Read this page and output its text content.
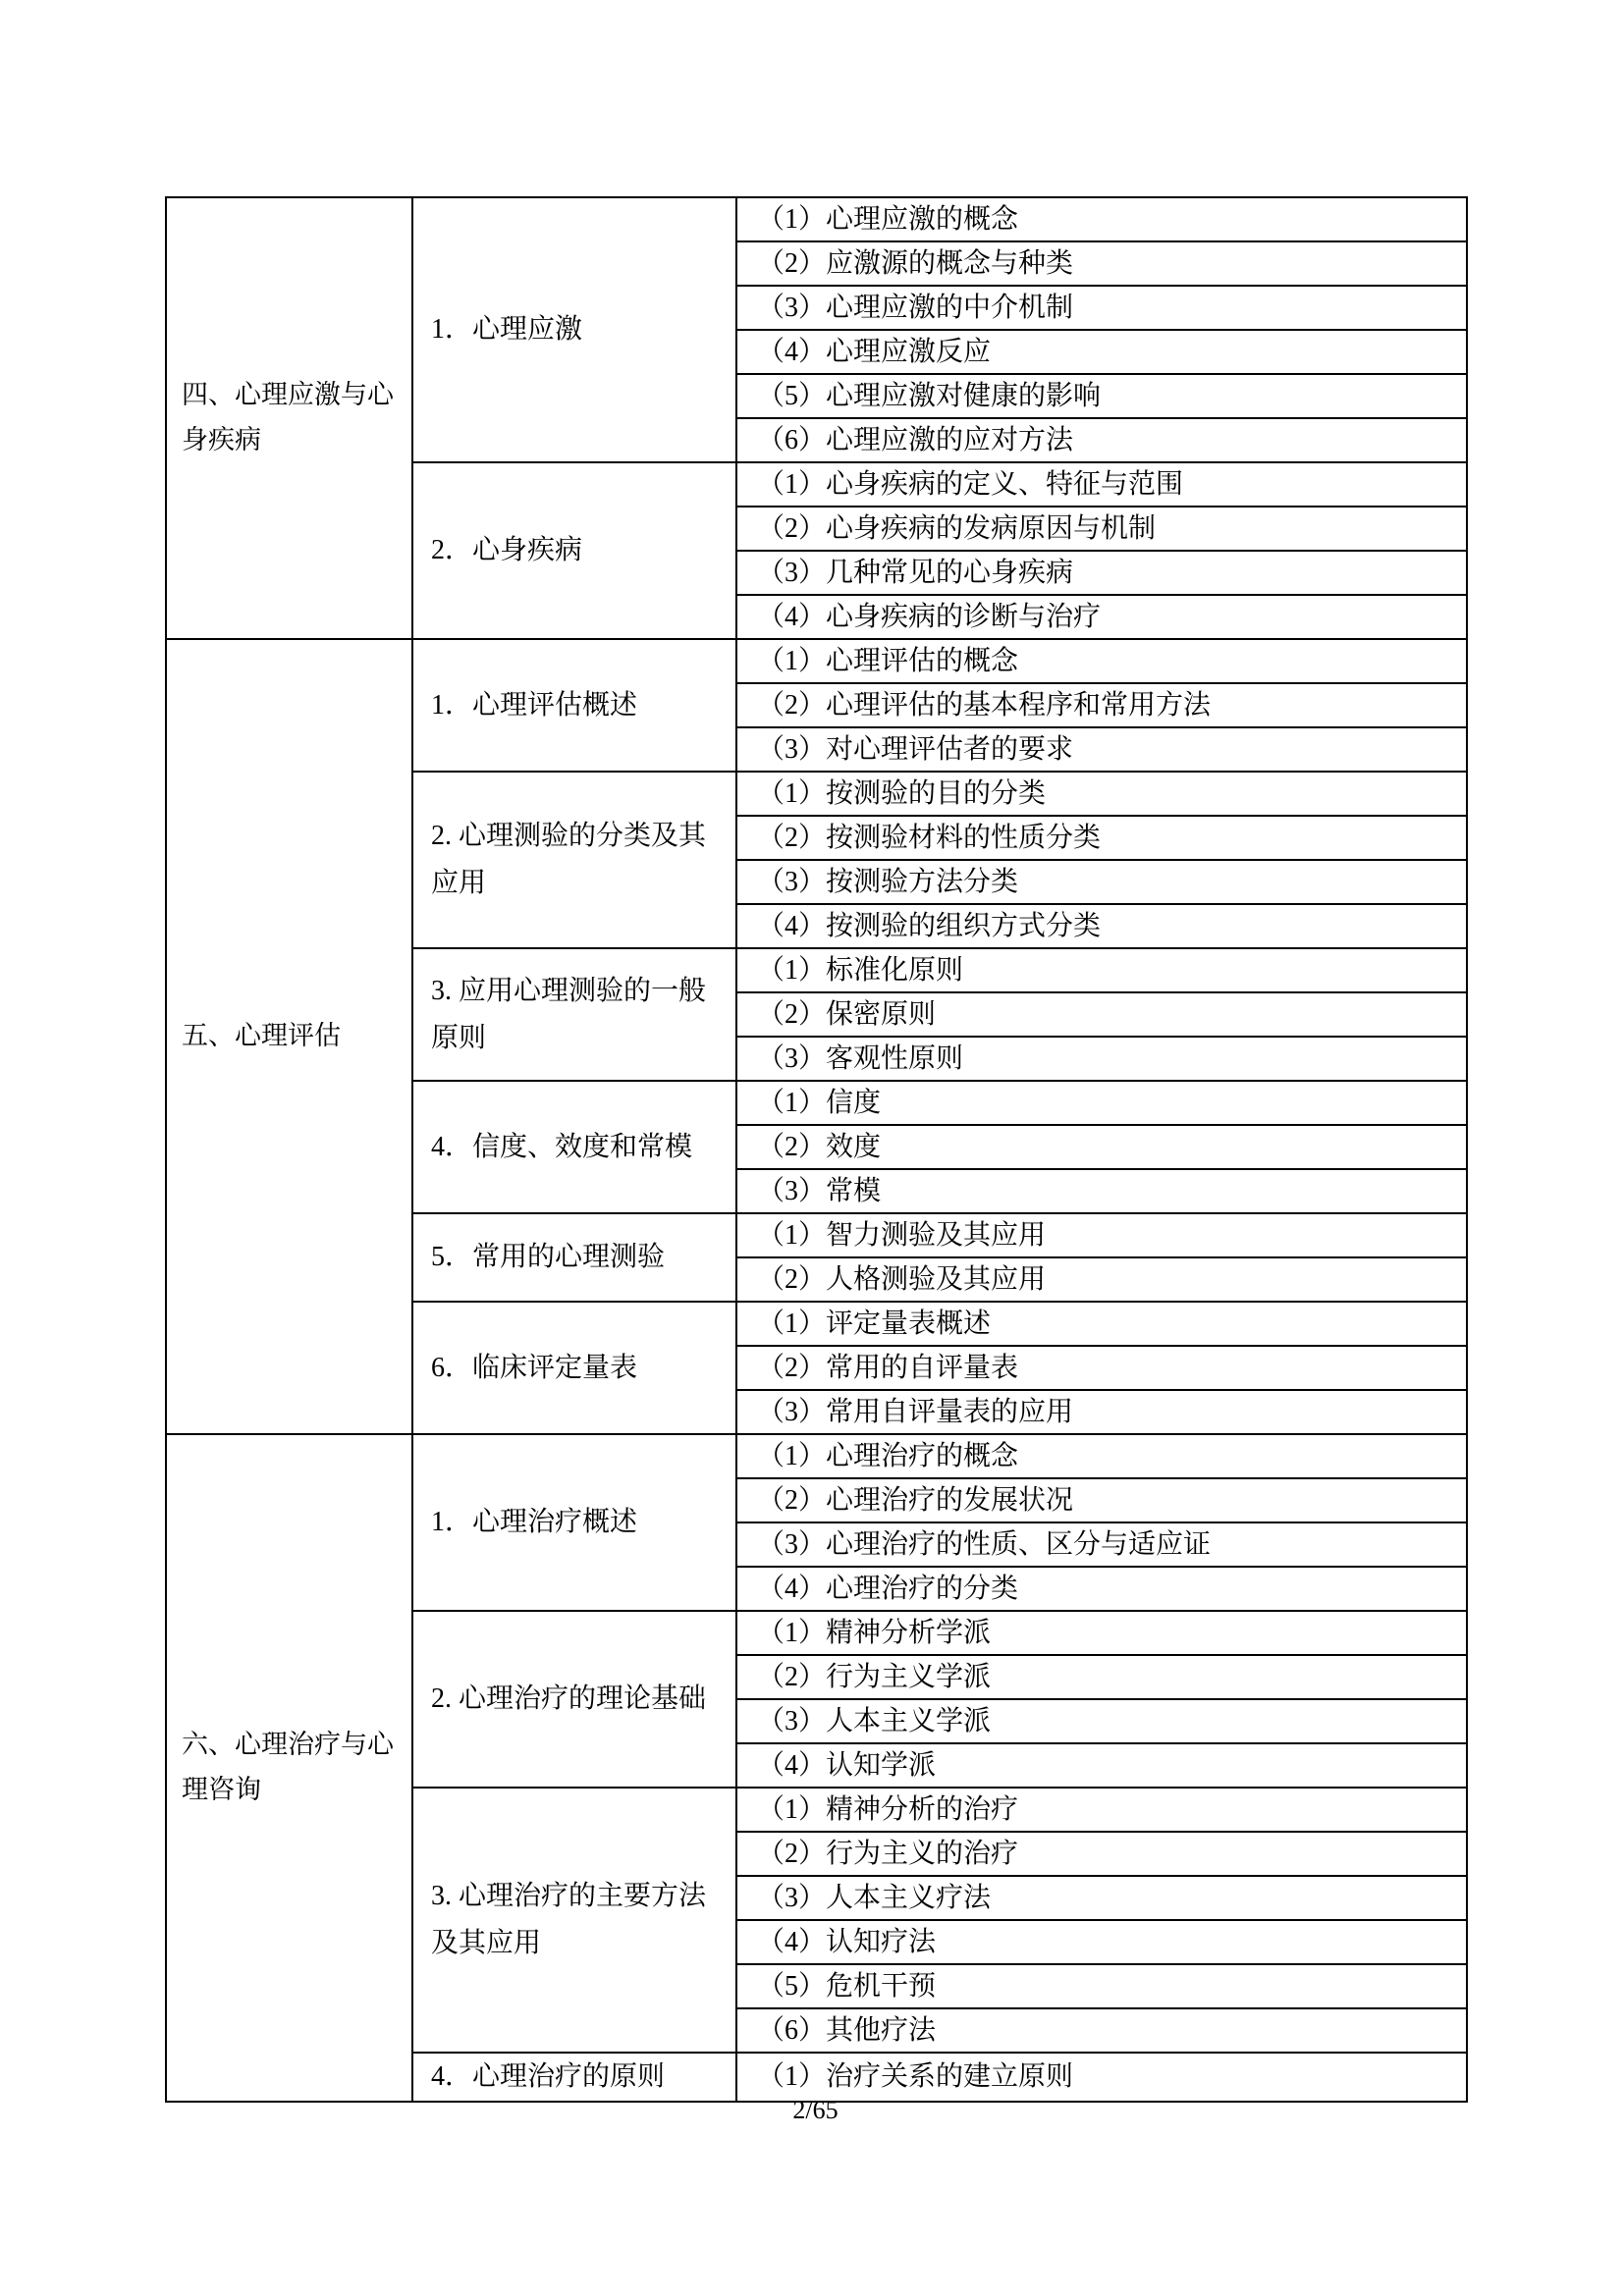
四、心理应激与心身疾病	1．心理应激	（1）心理应激的概念
		（2）应激源的概念与种类
		（3）心理应激的中介机制
		（4）心理应激反应
		（5）心理应激对健康的影响
		（6）心理应激的应对方法
	2．心身疾病	（1）心身疾病的定义、特征与范围
		（2）心身疾病的发病原因与机制
		（3）几种常见的心身疾病
		（4）心身疾病的诊断与治疗
五、心理评估	1．心理评估概述	（1）心理评估的概念
		（2）心理评估的基本程序和常用方法
		（3）对心理评估者的要求
	2. 心理测验的分类及其应用	（1）按测验的目的分类
		（2）按测验材料的性质分类
		（3）按测验方法分类
		（4）按测验的组织方式分类
	3. 应用心理测验的一般原则	（1）标准化原则
		（2）保密原则
		（3）客观性原则
	4．信度、效度和常模	（1）信度
		（2）效度
		（3）常模
	5．常用的心理测验	（1）智力测验及其应用
		（2）人格测验及其应用
	6．临床评定量表	（1）评定量表概述
		（2）常用的自评量表
		（3）常用自评量表的应用
六、心理治疗与心理咨询	1．心理治疗概述	（1）心理治疗的概念
		（2）心理治疗的发展状况
		（3）心理治疗的性质、区分与适应证
		（4）心理治疗的分类
	2. 心理治疗的理论基础	（1）精神分析学派
		（2）行为主义学派
		（3）人本主义学派
		（4）认知学派
	3. 心理治疗的主要方法及其应用	（1）精神分析的治疗
		（2）行为主义的治疗
		（3）人本主义疗法
		（4）认知疗法
		（5）危机干预
		（6）其他疗法
	4．心理治疗的原则	（1）治疗关系的建立原则
2/65
